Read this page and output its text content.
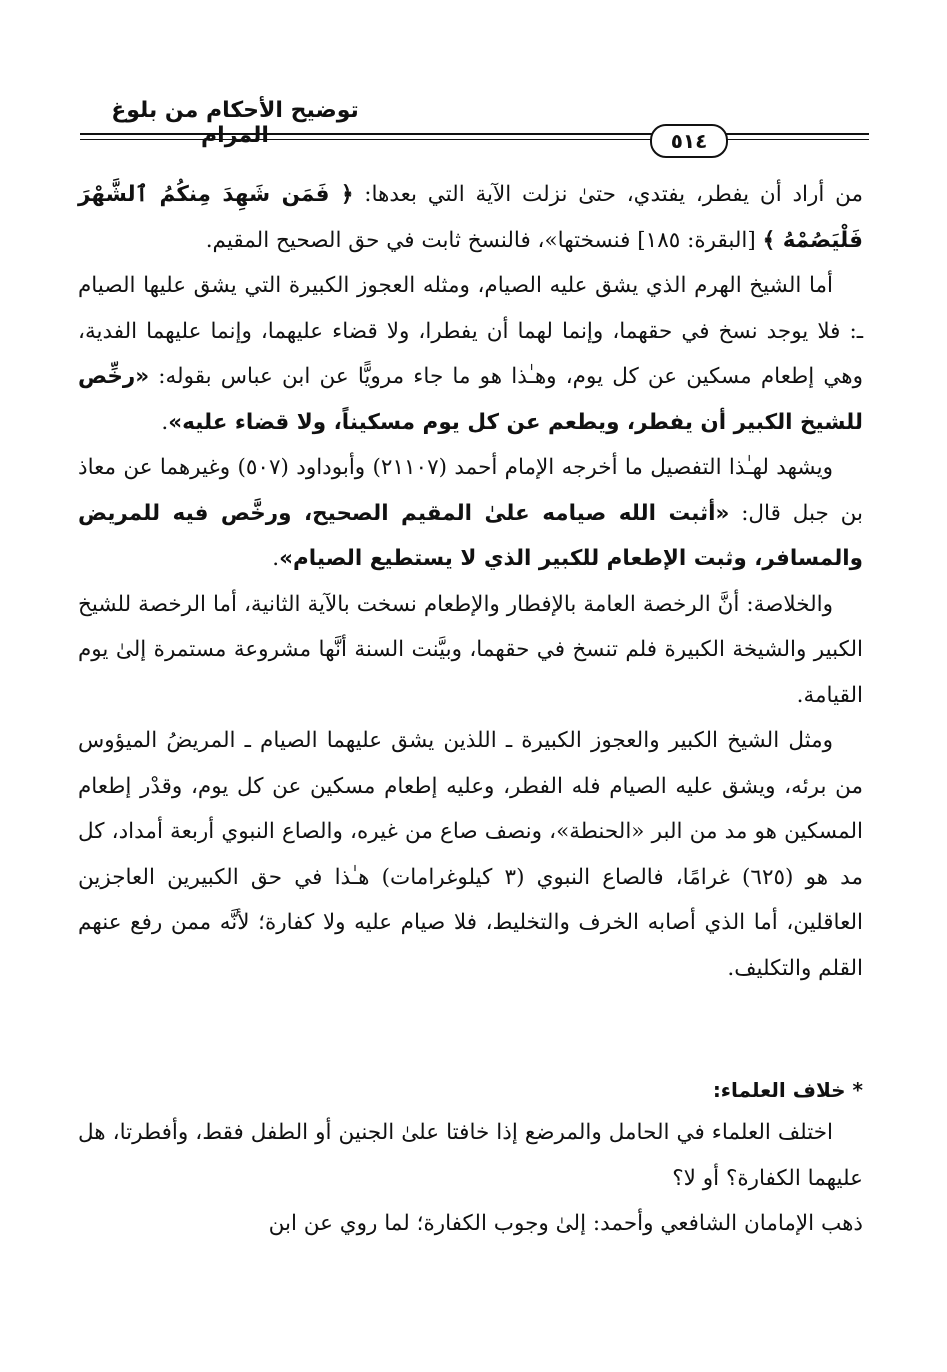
توضيح الأحكام من بلوغ المرام	٥١٤

من أراد أن يفطر، يفتدي، حتىٰ نزلت الآية التي بعدها: ﴿ فَمَن شَهِدَ مِنكُمُ ٱلشَّهْرَ فَلْيَصُمْهُ ﴾ [البقرة: ١٨٥] فنسختها»، فالنسخ ثابت في حق الصحيح المقيم.

أما الشيخ الهرم الذي يشق عليه الصيام، ومثله العجوز الكبيرة التي يشق عليها الصيام ـ: فلا يوجد نسخ في حقهما، وإنما لهما أن يفطرا، ولا قضاء عليهما، وإنما عليهما الفدية، وهي إطعام مسكين عن كل يوم، وهـٰذا هو ما جاء مرويًّا عن ابن عباس بقوله: «رخِّص للشيخ الكبير أن يفطر، ويطعم عن كل يوم مسكيناً، ولا قضاء عليه».

ويشهد لهـٰذا التفصيل ما أخرجه الإمام أحمد (٢١١٠٧) وأبوداود (٥٠٧) وغيرهما عن معاذ بن جبل قال: «أثبت الله صيامه علىٰ المقيم الصحيح، ورخَّص فيه للمريض والمسافر، وثبت الإطعام للكبير الذي لا يستطيع الصيام».

والخلاصة: أنَّ الرخصة العامة بالإفطار والإطعام نسخت بالآية الثانية، أما الرخصة للشيخ الكبير والشيخة الكبيرة فلم تنسخ في حقهما، وبيَّنت السنة أنَّها مشروعة مستمرة إلىٰ يوم القيامة.

ومثل الشيخ الكبير والعجوز الكبيرة ـ اللذين يشق عليهما الصيام ـ المريضُ الميؤوس من برئه، ويشق عليه الصيام فله الفطر، وعليه إطعام مسكين عن كل يوم، وقدْر إطعام المسكين هو مد من البر «الحنطة»، ونصف صاع من غيره، والصاع النبوي أربعة أمداد، كل مد هو (٦٢٥) غرامًا، فالصاع النبوي (٣ كيلوغرامات) هـٰذا في حق الكبيرين العاجزين العاقلين، أما الذي أصابه الخرف والتخليط، فلا صيام عليه ولا كفارة؛ لأنَّه ممن رفع عنهم القلم والتكليف.

* خلاف العلماء:

اختلف العلماء في الحامل والمرضع إذا خافتا علىٰ الجنين أو الطفل فقط، وأفطرتا، هل عليهما الكفارة؟ أو لا؟

ذهب الإمامان الشافعي وأحمد: إلىٰ وجوب الكفارة؛ لما روي عن ابن
